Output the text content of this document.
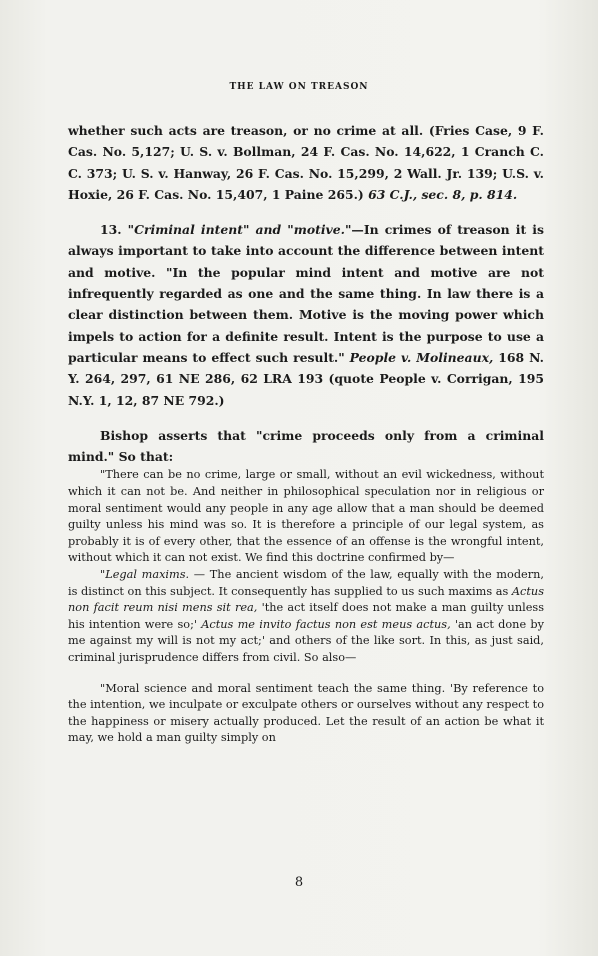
THE LAW ON TREASON

whether such acts are treason, or no crime at all. (Fries Case, 9 F. Cas. No. 5,127; U. S. v. Bollman, 24 F. Cas. No. 14,622, 1 Cranch C. C. 373; U. S. v. Hanway, 26 F. Cas. No. 15,299, 2 Wall. Jr. 139; U.S. v. Hoxie, 26 F. Cas. No. 15,407, 1 Paine 265.) 63 C.J., sec. 8, p. 814.

13. "Criminal intent" and "motive."—In crimes of treason it is always important to take into account the difference between intent and motive. "In the popular mind intent and motive are not infrequently regarded as one and the same thing. In law there is a clear distinction between them. Motive is the moving power which impels to action for a definite result. Intent is the purpose to use a particular means to effect such result." People v. Molineaux, 168 N. Y. 264, 297, 61 NE 286, 62 LRA 193 (quote People v. Corrigan, 195 N.Y. 1, 12, 87 NE 792.)

Bishop asserts that "crime proceeds only from a criminal mind." So that:

"There can be no crime, large or small, without an evil wickedness, without which it can not be. And neither in philosophical speculation nor in religious or moral sentiment would any people in any age allow that a man should be deemed guilty unless his mind was so. It is therefore a principle of our legal system, as probably it is of every other, that the essence of an offense is the wrongful intent, without which it can not exist. We find this doctrine confirmed by—

"Legal maxims. — The ancient wisdom of the law, equally with the modern, is distinct on this subject. It consequently has supplied to us such maxims as Actus non facit reum nisi mens sit rea, 'the act itself does not make a man guilty unless his intention were so;' Actus me invito factus non est meus actus, 'an act done by me against my will is not my act;' and others of the like sort. In this, as just said, criminal jurisprudence differs from civil. So also—

"Moral science and moral sentiment teach the same thing. 'By reference to the intention, we inculpate or exculpate others or ourselves without any respect to the happiness or misery actually produced. Let the result of an action be what it may, we hold a man guilty simply on

8
